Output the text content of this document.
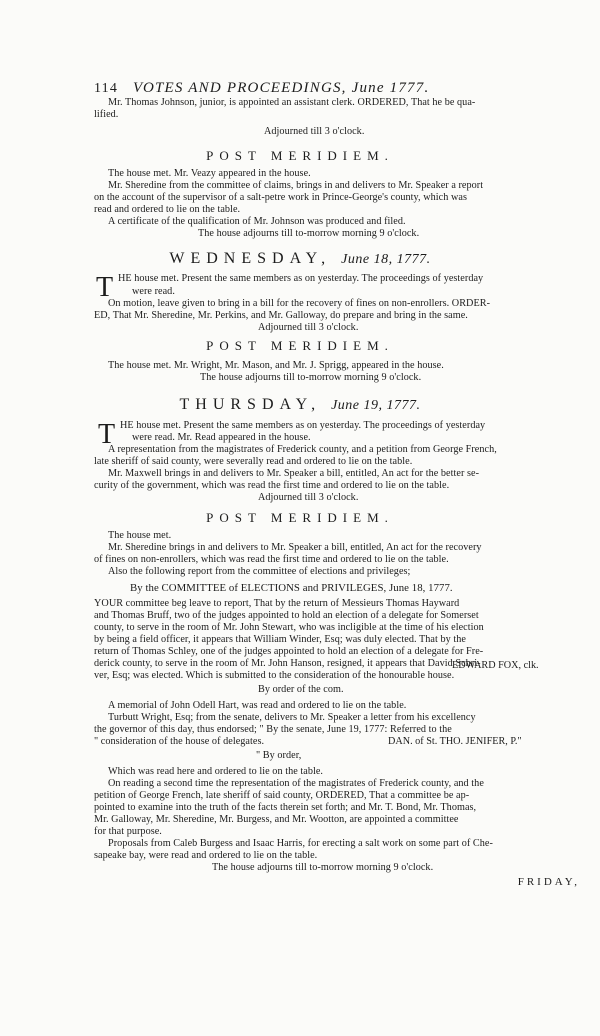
114 VOTES AND PROCEEDINGS, June 1777.
Mr. Thomas Johnson, junior, is appointed an assistant clerk. ORDERED, That he be qua-
lified.
Adjourned till 3 o'clock.
POST MERIDIEM.
The house met. Mr. Veazy appeared in the house.
Mr. Sheredine from the committee of claims, brings in and delivers to Mr. Speaker a report
on the account of the supervisor of a salt-petre work in Prince-George's county, which was
read and ordered to lie on the table.
A certificate of the qualification of Mr. Johnson was produced and filed.
The house adjourns till to-morrow morning 9 o'clock.
WEDNESDAY, June 18, 1777.
T HE house met. Present the same members as on yesterday. The proceedings of yesterday
were read.
On motion, leave given to bring in a bill for the recovery of fines on non-enrollers. ORDER-
ED, That Mr. Sheredine, Mr. Perkins, and Mr. Galloway, do prepare and bring in the same.
Adjourned till 3 o'clock.
POST MERIDIEM.
The house met. Mr. Wright, Mr. Mason, and Mr. J. Sprigg, appeared in the house.
The house adjourns till to-morrow morning 9 o'clock.
THURSDAY, June 19, 1777.
T HE house met. Present the same members as on yesterday. The proceedings of yesterday
were read. Mr. Read appeared in the house.
A representation from the magistrates of Frederick county, and a petition from George French,
late sheriff of said county, were severally read and ordered to lie on the table.
Mr. Maxwell brings in and delivers to Mr. Speaker a bill, entitled, An act for the better se-
curity of the government, which was read the first time and ordered to lie on the table.
Adjourned till 3 o'clock.
POST MERIDIEM.
The house met.
Mr. Sheredine brings in and delivers to Mr. Speaker a bill, entitled, An act for the recovery
of fines on non-enrollers, which was read the first time and ordered to lie on the table.
Also the following report from the committee of elections and privileges;
By the COMMITTEE of ELECTIONS and PRIVILEGES, June 18, 1777.
YOUR committee beg leave to report, That by the return of Messieurs Thomas Hayward
and Thomas Bruff, two of the judges appointed to hold an election of a delegate for Somerset
county, to serve in the room of Mr. John Stewart, who was incligible at the time of his election
by being a field officer, it appears that William Winder, Esq; was duly elected. That by the
return of Thomas Schley, one of the judges appointed to hold an election of a delegate for Fre-
derick county, to serve in the room of Mr. John Hanson, resigned, it appears that David Schri-
ver, Esq; was elected. Which is submitted to the consideration of the honourable house.
EDWARD FOX, clk.
By order of the com.
A memorial of John Odell Hart, was read and ordered to lie on the table.
Turbutt Wright, Esq; from the senate, delivers to Mr. Speaker a letter from his excellency
the governor of this day, thus endorsed; " By the senate, June 19, 1777: Referred to the
" consideration of the house of delegates.	DAN. of St. THO. JENIFER, P."
" By order,
Which was read here and ordered to lie on the table.
On reading a second time the representation of the magistrates of Frederick county, and the
petition of George French, late sheriff of said county, ORDERED, That a committee be ap-
pointed to examine into the truth of the facts therein set forth; and Mr. T. Bond, Mr. Thomas,
Mr. Galloway, Mr. Sheredine, Mr. Burgess, and Mr. Wootton, are appointed a committee
for that purpose.
Proposals from Caleb Burgess and Isaac Harris, for erecting a salt work on some part of Che-
sapeake bay, were read and ordered to lie on the table.
The house adjourns till to-morrow morning 9 o'clock.
FRIDAY,
